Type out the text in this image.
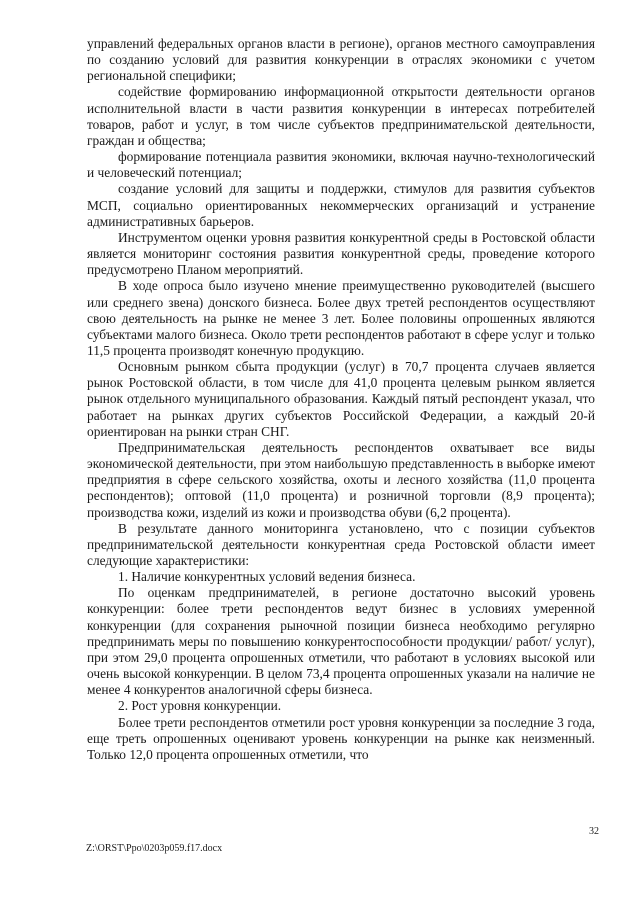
управлений федеральных органов власти в регионе), органов местного самоуправления по созданию условий для развития конкуренции в отраслях экономики с учетом региональной специфики;

содействие формированию информационной открытости деятельности органов исполнительной власти в части развития конкуренции в интересах потребителей товаров, работ и услуг, в том числе субъектов предпринимательской деятельности, граждан и общества;

формирование потенциала развития экономики, включая научно-технологический и человеческий потенциал;

создание условий для защиты и поддержки, стимулов для развития субъектов МСП, социально ориентированных некоммерческих организаций и устранение административных барьеров.

Инструментом оценки уровня развития конкурентной среды в Ростовской области является мониторинг состояния развития конкурентной среды, проведение которого предусмотрено Планом мероприятий.

В ходе опроса было изучено мнение преимущественно руководителей (высшего или среднего звена) донского бизнеса. Более двух третей респондентов осуществляют свою деятельность на рынке не менее 3 лет. Более половины опрошенных являются субъектами малого бизнеса. Около трети респондентов работают в сфере услуг и только 11,5 процента производят конечную продукцию.

Основным рынком сбыта продукции (услуг) в 70,7 процента случаев является рынок Ростовской области, в том числе для 41,0 процента целевым рынком является рынок отдельного муниципального образования. Каждый пятый респондент указал, что работает на рынках других субъектов Российской Федерации, а каждый 20-й ориентирован на рынки стран СНГ.

Предпринимательская деятельность респондентов охватывает все виды экономической деятельности, при этом наибольшую представленность в выборке имеют предприятия в сфере сельского хозяйства, охоты и лесного хозяйства (11,0 процента респондентов); оптовой (11,0 процента) и розничной торговли (8,9 процента); производства кожи, изделий из кожи и производства обуви (6,2 процента).

В результате данного мониторинга установлено, что с позиции субъектов предпринимательской деятельности конкурентная среда Ростовской области имеет следующие характеристики:

1. Наличие конкурентных условий ведения бизнеса.

По оценкам предпринимателей, в регионе достаточно высокий уровень конкуренции: более трети респондентов ведут бизнес в условиях умеренной конкуренции (для сохранения рыночной позиции бизнеса необходимо регулярно предпринимать меры по повышению конкурентоспособности продукции/ работ/ услуг), при этом 29,0 процента опрошенных отметили, что работают в условиях высокой или очень высокой конкуренции. В целом 73,4 процента опрошенных указали на наличие не менее 4 конкурентов аналогичной сферы бизнеса.

2. Рост уровня конкуренции.

Более трети респондентов отметили рост уровня конкуренции за последние 3 года, еще треть опрошенных оценивают уровень конкуренции на рынке как неизменный. Только 12,0 процента опрошенных отметили, что

32
Z:\ORST\Ppo\0203p059.f17.docx
